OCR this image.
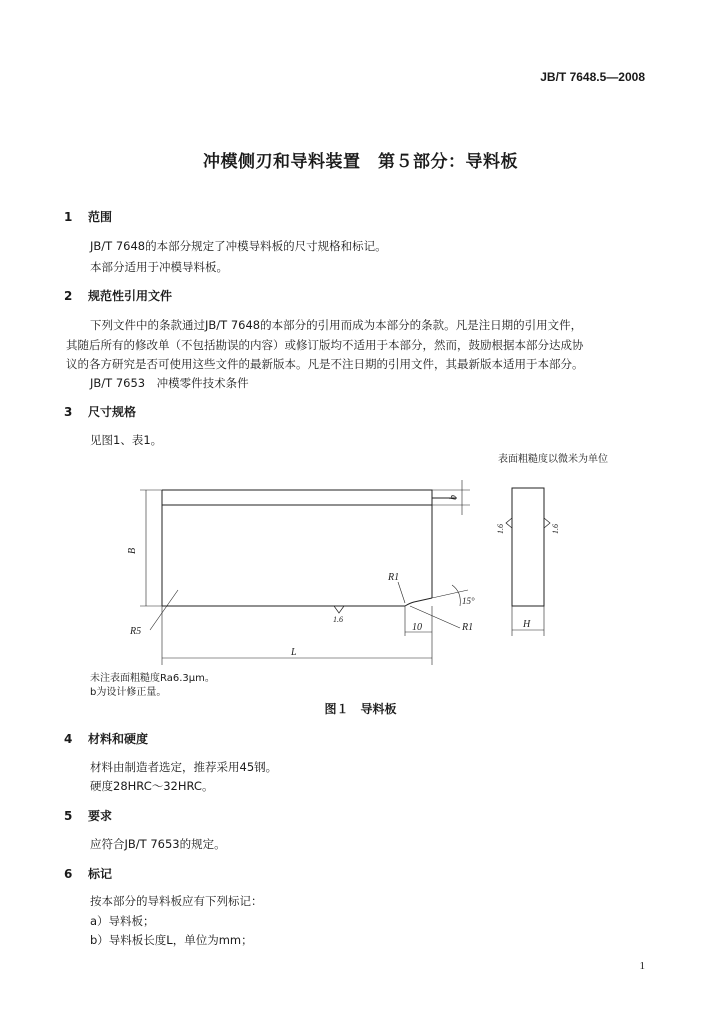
JB/T 7648.5—2008
冲模侧刃和导料装置　第５部分：导料板
1 范围
JB/T 7648的本部分规定了冲模导料板的尺寸规格和标记。
本部分适用于冲模导料板。
2 规范性引用文件
下列文件中的条款通过JB/T 7648的本部分的引用而成为本部分的条款。凡是注日期的引用文件，
其随后所有的修改单（不包括勘误的内容）或修订版均不适用于本部分，然而，鼓励根据本部分达成协
议的各方研究是否可使用这些文件的最新版本。凡是不注日期的引用文件，其最新版本适用于本部分。
JB/T 7653　冲模零件技术条件
3 尺寸规格
见图1、表1。
表面粗糙度以微米为单位
B
b
R1
R5
1.6
10	R1
15°
L
H
1.6	1.6
未注表面粗糙度Ra6.3μm。
b为设计修正量。
图１　导料板
4 材料和硬度
材料由制造者选定，推荐采用45钢。
硬度28HRC～32HRC。
5 要求
应符合JB/T 7653的规定。
6 标记
按本部分的导料板应有下列标记：
a）导料板；
b）导料板长度L，单位为mm；
1
